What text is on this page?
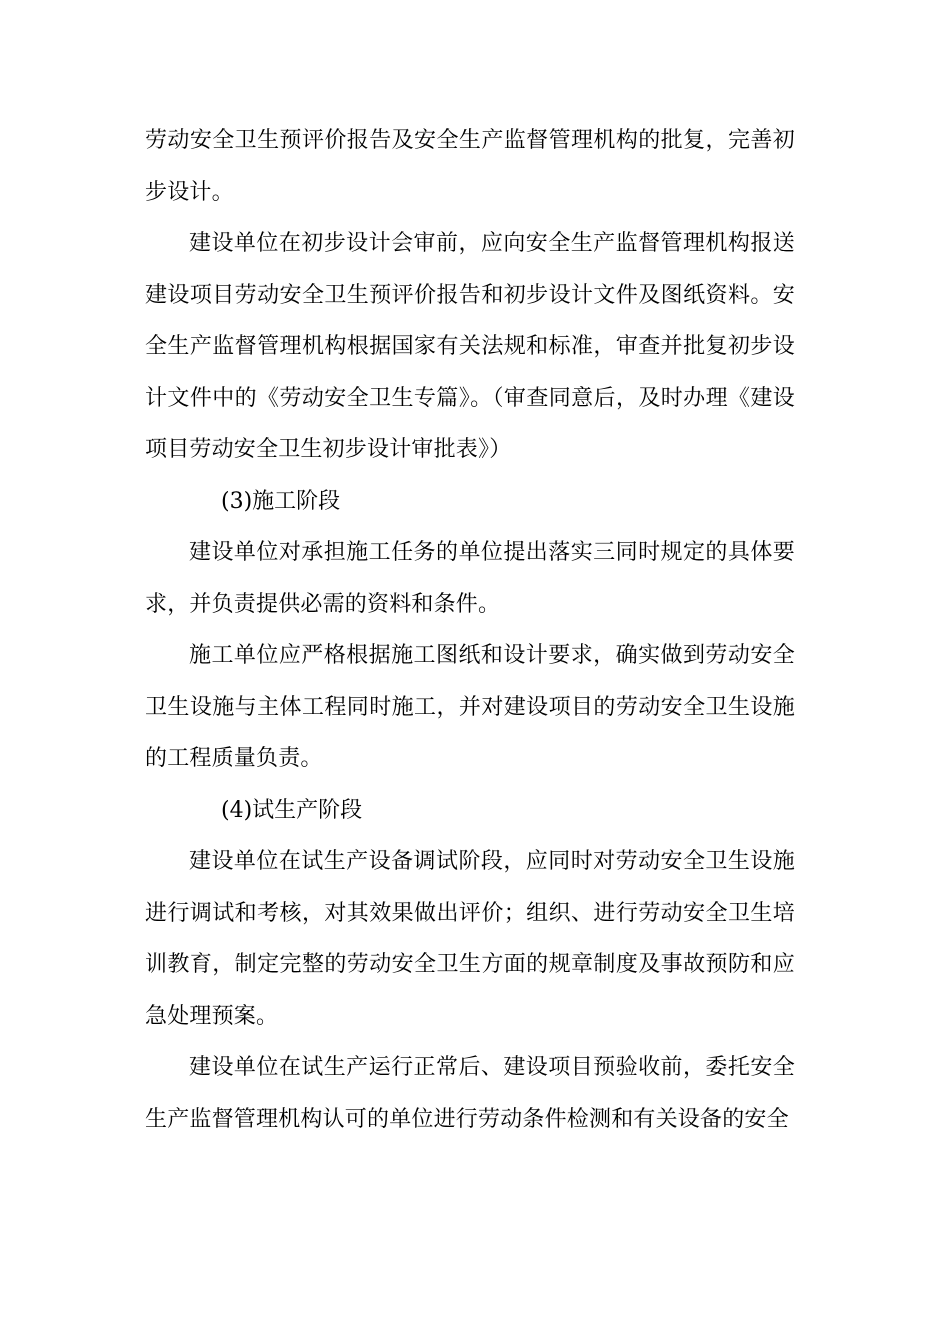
劳动安全卫生预评价报告及安全生产监督管理机构的批复，完善初步设计。

建设单位在初步设计会审前，应向安全生产监督管理机构报送建设项目劳动安全卫生预评价报告和初步设计文件及图纸资料。安全生产监督管理机构根据国家有关法规和标准，审查并批复初步设计文件中的《劳动安全卫生专篇》。（审查同意后，及时办理《建设项目劳动安全卫生初步设计审批表》）

(3)施工阶段

建设单位对承担施工任务的单位提出落实三同时规定的具体要求，并负责提供必需的资料和条件。

施工单位应严格根据施工图纸和设计要求，确实做到劳动安全卫生设施与主体工程同时施工，并对建设项目的劳动安全卫生设施的工程质量负责。

(4)试生产阶段

建设单位在试生产设备调试阶段，应同时对劳动安全卫生设施进行调试和考核，对其效果做出评价；组织、进行劳动安全卫生培训教育，制定完整的劳动安全卫生方面的规章制度及事故预防和应急处理预案。

建设单位在试生产运行正常后、建设项目预验收前，委托安全生产监督管理机构认可的单位进行劳动条件检测和有关设备的安全
